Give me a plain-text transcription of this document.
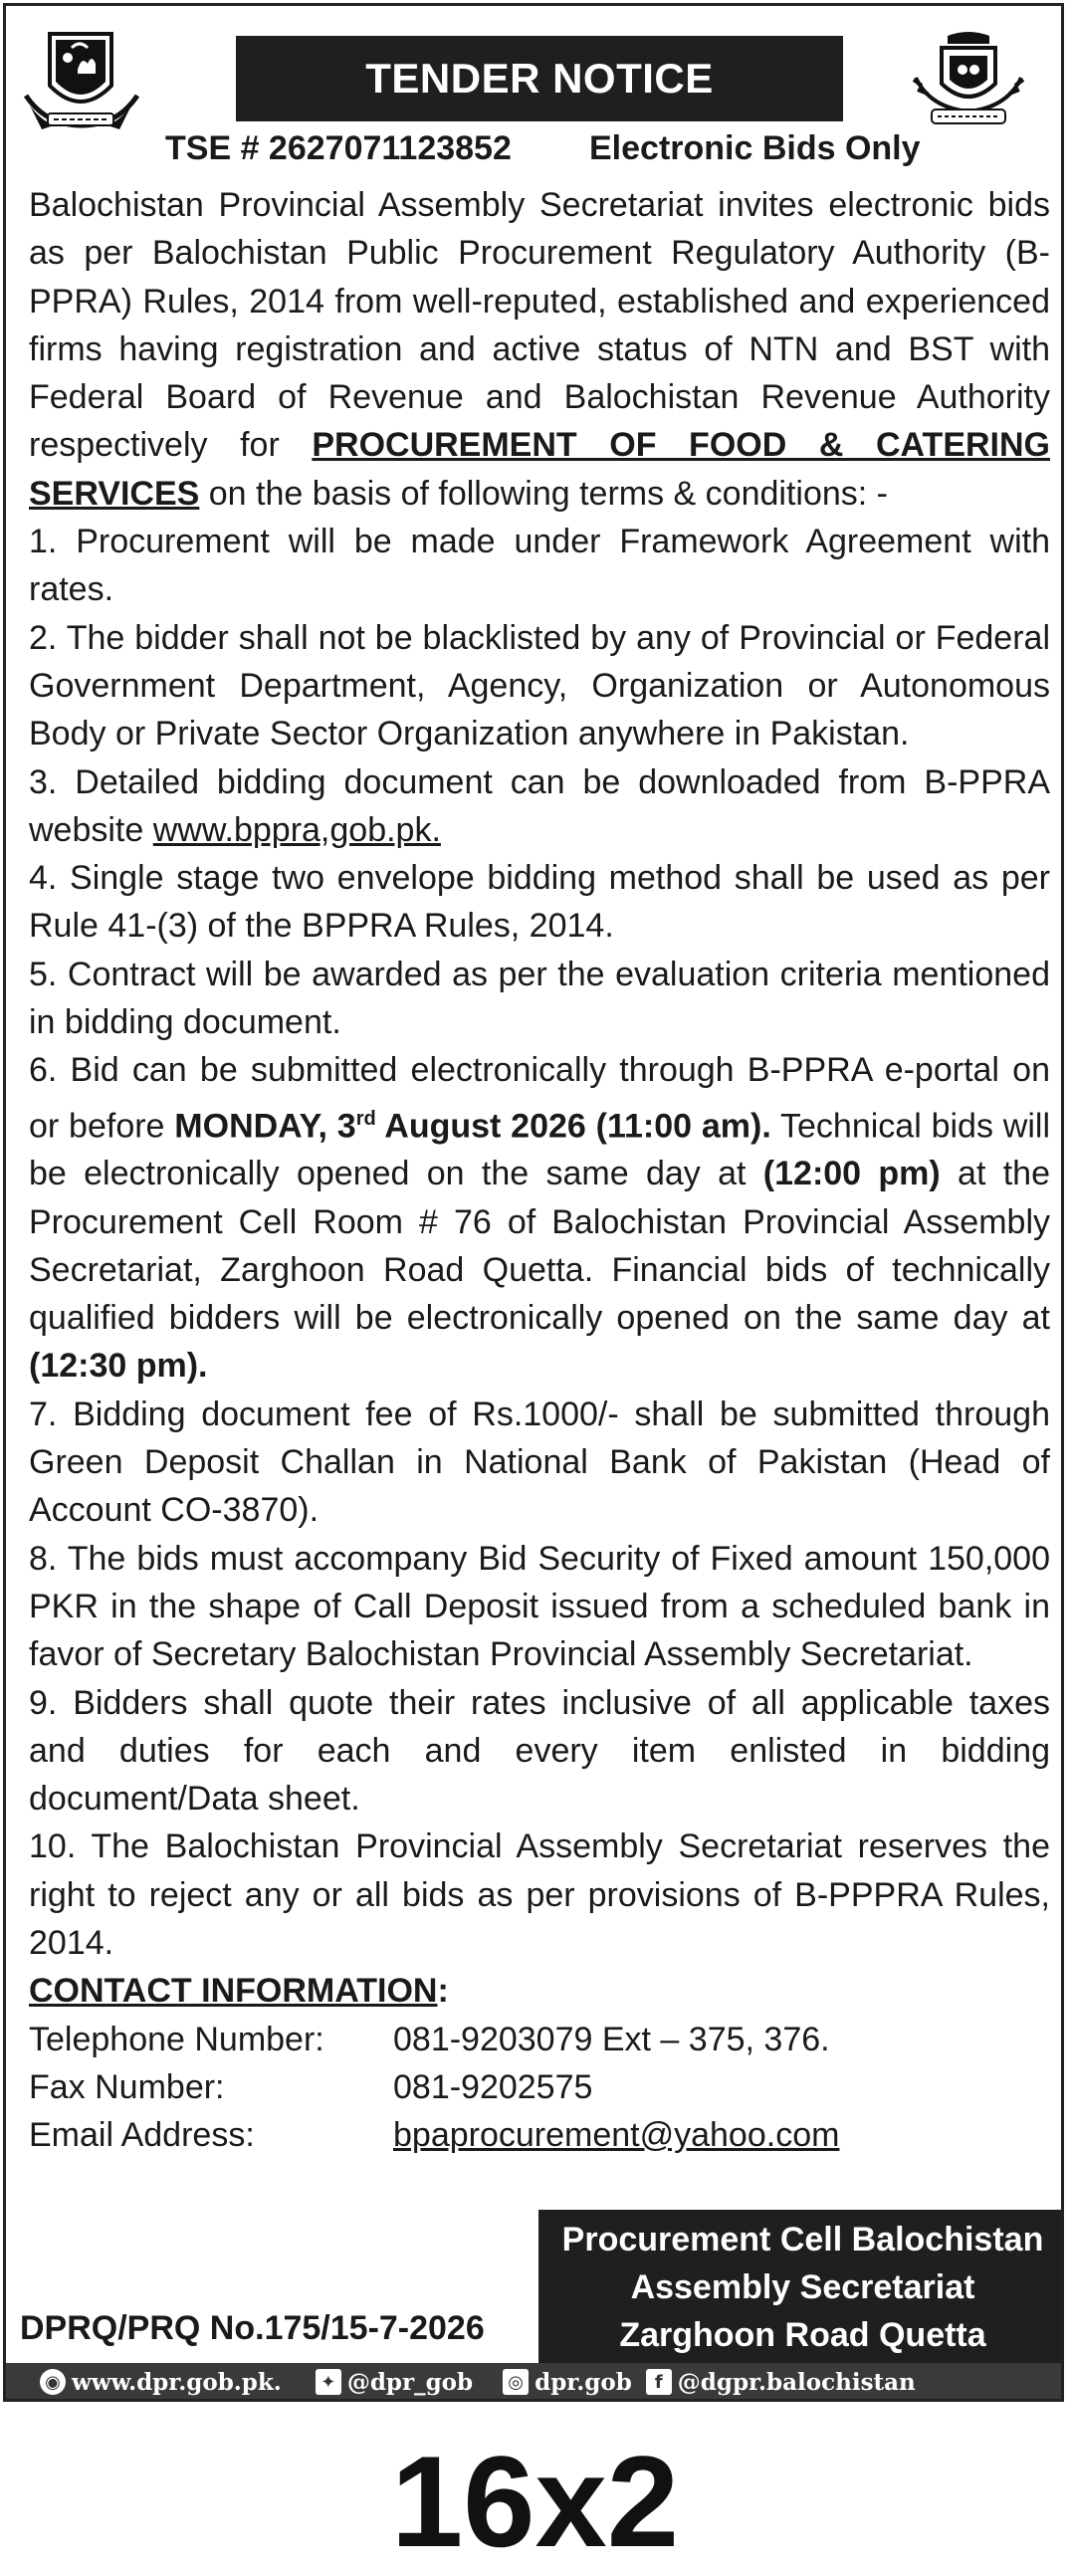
TENDER NOTICE
TSE # 2627071123852 Electronic Bids Only

Balochistan Provincial Assembly Secretariat invites electronic bids as per Balochistan Public Procurement Regulatory Authority (B-PPRA) Rules, 2014 from well-reputed, established and experienced firms having registration and active status of NTN and BST with Federal Board of Revenue and Balochistan Revenue Authority respectively for PROCUREMENT OF FOOD & CATERING SERVICES on the basis of following terms & conditions: -

1. Procurement will be made under Framework Agreement with rates.

2. The bidder shall not be blacklisted by any of Provincial or Federal Government Department, Agency, Organization or Autonomous Body or Private Sector Organization anywhere in Pakistan.

3. Detailed bidding document can be downloaded from B-PPRA website www.bppra,gob.pk.

4. Single stage two envelope bidding method shall be used as per Rule 41-(3) of the BPPRA Rules, 2014.

5. Contract will be awarded as per the evaluation criteria mentioned in bidding document.

6. Bid can be submitted electronically through B-PPRA e-portal on or before MONDAY, 3rd August 2026 (11:00 am). Technical bids will be electronically opened on the same day at (12:00 pm) at the Procurement Cell Room # 76 of Balochistan Provincial Assembly Secretariat, Zarghoon Road Quetta. Financial bids of technically qualified bidders will be electronically opened on the same day at (12:30 pm).

7. Bidding document fee of Rs.1000/- shall be submitted through Green Deposit Challan in National Bank of Pakistan (Head of Account CO-3870).

8. The bids must accompany Bid Security of Fixed amount 150,000 PKR in the shape of Call Deposit issued from a scheduled bank in favor of Secretary Balochistan Provincial Assembly Secretariat.

9. Bidders shall quote their rates inclusive of all applicable taxes and duties for each and every item enlisted in bidding document/Data sheet.

10. The Balochistan Provincial Assembly Secretariat reserves the right to reject any or all bids as per provisions of B-PPPRA Rules, 2014.

CONTACT INFORMATION:

Telephone Number:	081-9203079 Ext – 375, 376.
Fax Number:	081-9202575
Email Address:	bpaprocurement@yahoo.com
Procurement Cell Balochistan
Assembly Secretariat
Zarghoon Road Quetta
DPRQ/PRQ No.175/15-7-2026
◉ www.dpr.gob.pk.	✦ @dpr_gob ◎ dpr.gob	f @dgpr.balochistan
16x2
